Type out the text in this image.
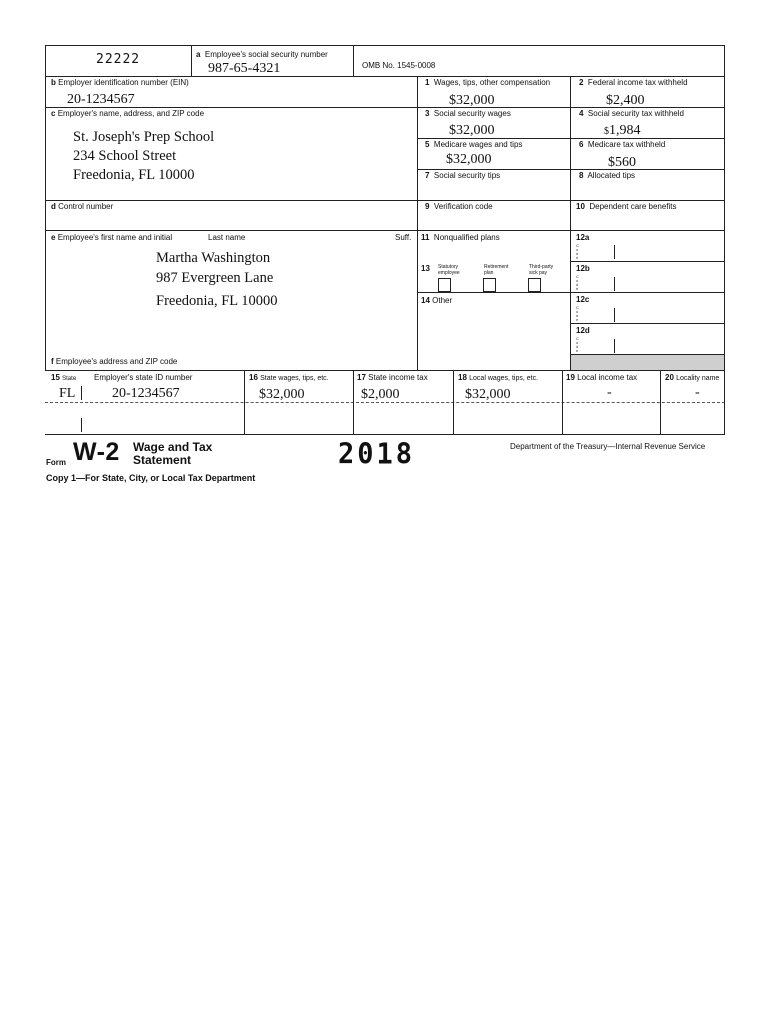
22222	a Employee's social security number
987-65-4321	OMB No. 1545-0008
b Employer identification number (EIN)
20-1234567
c Employer's name, address, and ZIP code
St. Joseph's Prep School
234 School Street
Freedonia, FL 10000
1 Wages, tips, other compensation
$32,000
2 Federal income tax withheld
$2,400
3 Social security wages
$32,000
4 Social security tax withheld
$1,984
5 Medicare wages and tips
$32,000
6 Medicare tax withheld
$560
7 Social security tips	8 Allocated tips
d Control number	9 Verification code	10 Dependent care benefits
e Employee's first name and initial	Last name	Suff.
Martha Washington
987 Evergreen Lane
Freedonia, FL 10000
f Employee's address and ZIP code
11 Nonqualified plans
13 Statutory employee
Retirement plan
Third-party sick pay
14 Other
12a
Code
12b
Code
12c
Code
12d
Code
15 State Employer's state ID number	16 State wages, tips, etc.	17 State income tax	18 Local wages, tips, etc.	19 Local income tax	20 Locality name
FL	20-1234567	$32,000	$2,000	$32,000	-	-
Form W-2 Wage and Tax
Statement	2018	Department of the Treasury—Internal Revenue Service
Copy 1—For State, City, or Local Tax Department
